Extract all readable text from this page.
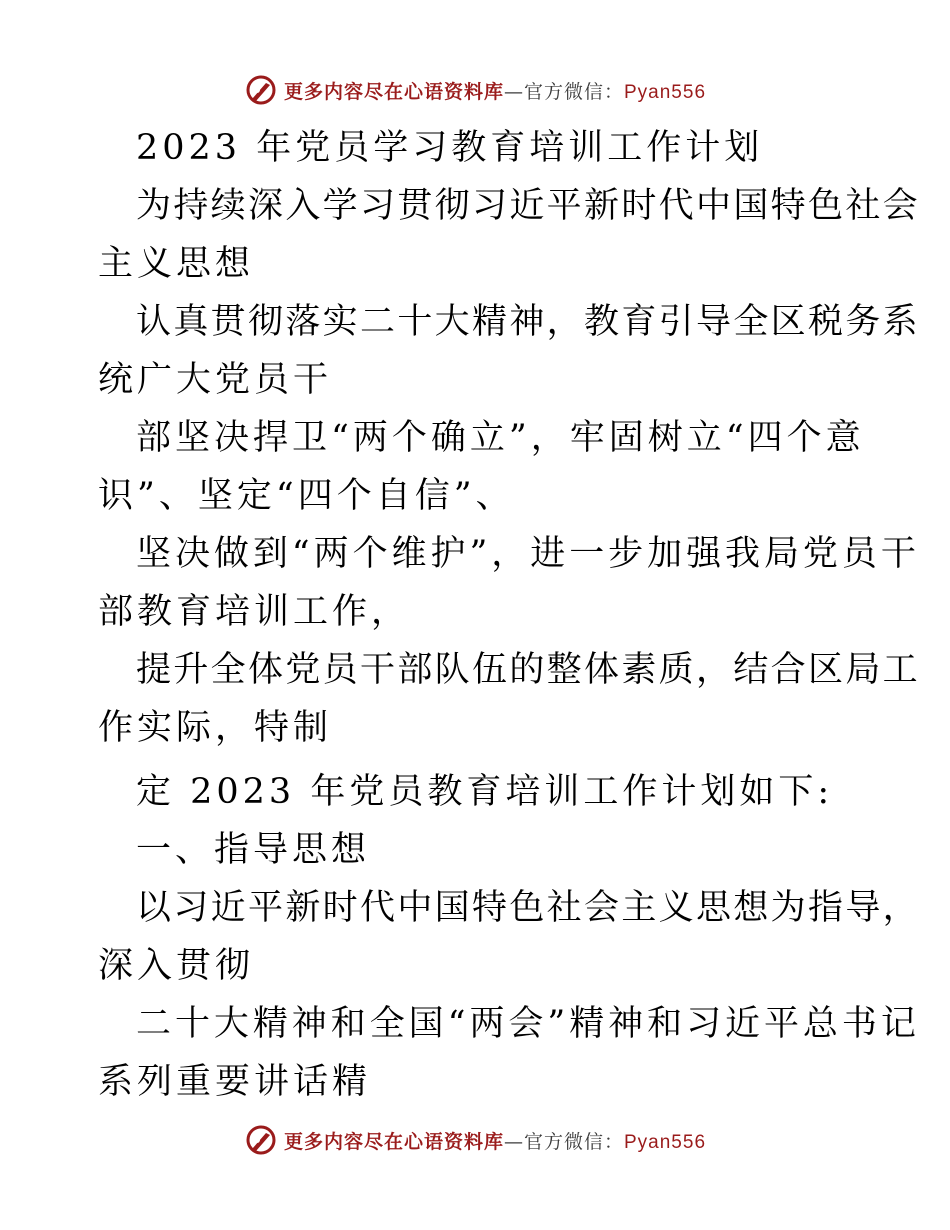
更多内容尽在心语资料库—官方微信：Pyan556
2023 年党员学习教育培训工作计划
为持续深入学习贯彻习近平新时代中国特色社会
主义思想
认真贯彻落实二十大精神，教育引导全区税务系
统广大党员干
部坚决捍卫“两个确立”，牢固树立“四个意
识”、坚定“四个自信”、
坚决做到“两个维护”，进一步加强我局党员干
部教育培训工作，
提升全体党员干部队伍的整体素质，结合区局工
作实际，特制
定 2023 年党员教育培训工作计划如下:
一、指导思想
以习近平新时代中国特色社会主义思想为指导，
深入贯彻
二十大精神和全国“两会”精神和习近平总书记
系列重要讲话精
更多内容尽在心语资料库—官方微信：Pyan556
